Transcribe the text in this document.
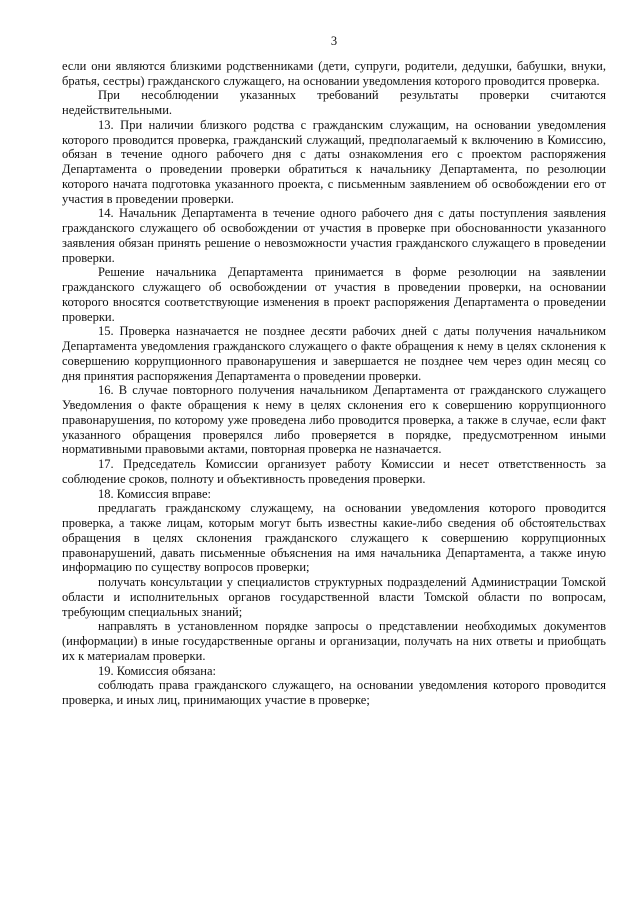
3

если они являются близкими родственниками (дети, супруги, родители, дедушки, бабушки, внуки, братья, сестры) гражданского служащего, на основании уведомления которого проводится проверка.

При несоблюдении указанных требований результаты проверки считаются недействительными.

13. При наличии близкого родства с гражданским служащим, на основании уведомления которого проводится проверка, гражданский служащий, предполагаемый к включению в Комиссию, обязан в течение одного рабочего дня с даты ознакомления его с проектом распоряжения Департамента о проведении проверки обратиться к начальнику Департамента, по резолюции которого начата подготовка указанного проекта, с письменным заявлением об освобождении его от участия в проведении проверки.

14. Начальник Департамента в течение одного рабочего дня с даты поступления заявления гражданского служащего об освобождении от участия в проверке при обоснованности указанного заявления обязан принять решение о невозможности участия гражданского служащего в проведении проверки.

Решение начальника Департамента принимается в форме резолюции на заявлении гражданского служащего об освобождении от участия в проведении проверки, на основании которого вносятся соответствующие изменения в проект распоряжения Департамента о проведении проверки.

15. Проверка назначается не позднее десяти рабочих дней с даты получения начальником Департамента уведомления гражданского служащего о факте обращения к нему в целях склонения к совершению коррупционного правонарушения и завершается не позднее чем через один месяц со дня принятия распоряжения Департамента о проведении проверки.

16. В случае повторного получения начальником Департамента от гражданского служащего Уведомления о факте обращения к нему в целях склонения его к совершению коррупционного правонарушения, по которому уже проведена либо проводится проверка, а также в случае, если факт указанного обращения проверялся либо проверяется в порядке, предусмотренном иными нормативными правовыми актами, повторная проверка не назначается.

17. Председатель Комиссии организует работу Комиссии и несет ответственность за соблюдение сроков, полноту и объективность проведения проверки.

18. Комиссия вправе:

предлагать гражданскому служащему, на основании уведомления которого проводится проверка, а также лицам, которым могут быть известны какие-либо сведения об обстоятельствах обращения в целях склонения гражданского служащего к совершению коррупционных правонарушений, давать письменные объяснения на имя начальника Департамента, а также иную информацию по существу вопросов проверки;

получать консультации у специалистов структурных подразделений Администрации Томской области и исполнительных органов государственной власти Томской области по вопросам, требующим специальных знаний;

направлять в установленном порядке запросы о представлении необходимых документов (информации) в иные государственные органы и организации, получать на них ответы и приобщать их к материалам проверки.

19. Комиссия обязана:

соблюдать права гражданского служащего, на основании уведомления которого проводится проверка, и иных лиц, принимающих участие в проверке;
